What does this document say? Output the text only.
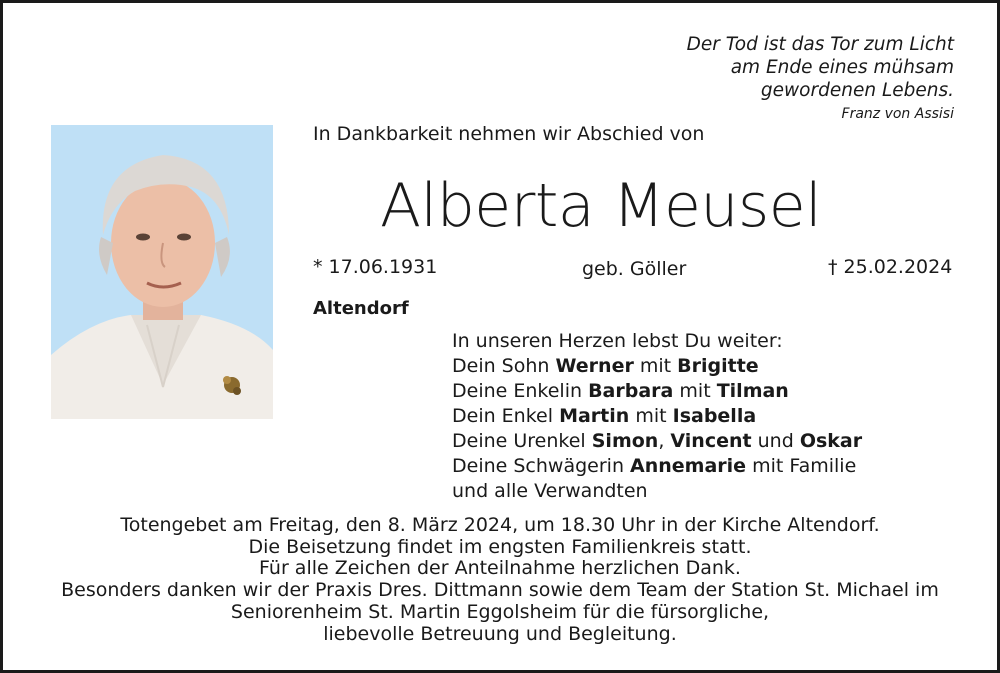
Der Tod ist das Tor zum Licht
am Ende eines mühsam
gewordenen Lebens.
Franz von Assisi
In Dankbarkeit nehmen wir Abschied von
Alberta Meusel
* 17.06.1931	geb. Göller	† 25.02.2024
Altendorf
In unseren Herzen lebst Du weiter:
Dein Sohn Werner mit Brigitte
Deine Enkelin Barbara mit Tilman
Dein Enkel Martin mit Isabella
Deine Urenkel Simon, Vincent und Oskar
Deine Schwägerin Annemarie mit Familie
und alle Verwandten
Totengebet am Freitag, den 8. März 2024, um 18.30 Uhr in der Kirche Altendorf.
Die Beisetzung findet im engsten Familienkreis statt.
Für alle Zeichen der Anteilnahme herzlichen Dank.
Besonders danken wir der Praxis Dres. Dittmann sowie dem Team der Station St. Michael im
Seniorenheim St. Martin Eggolsheim für die fürsorgliche,
liebevolle Betreuung und Begleitung.
